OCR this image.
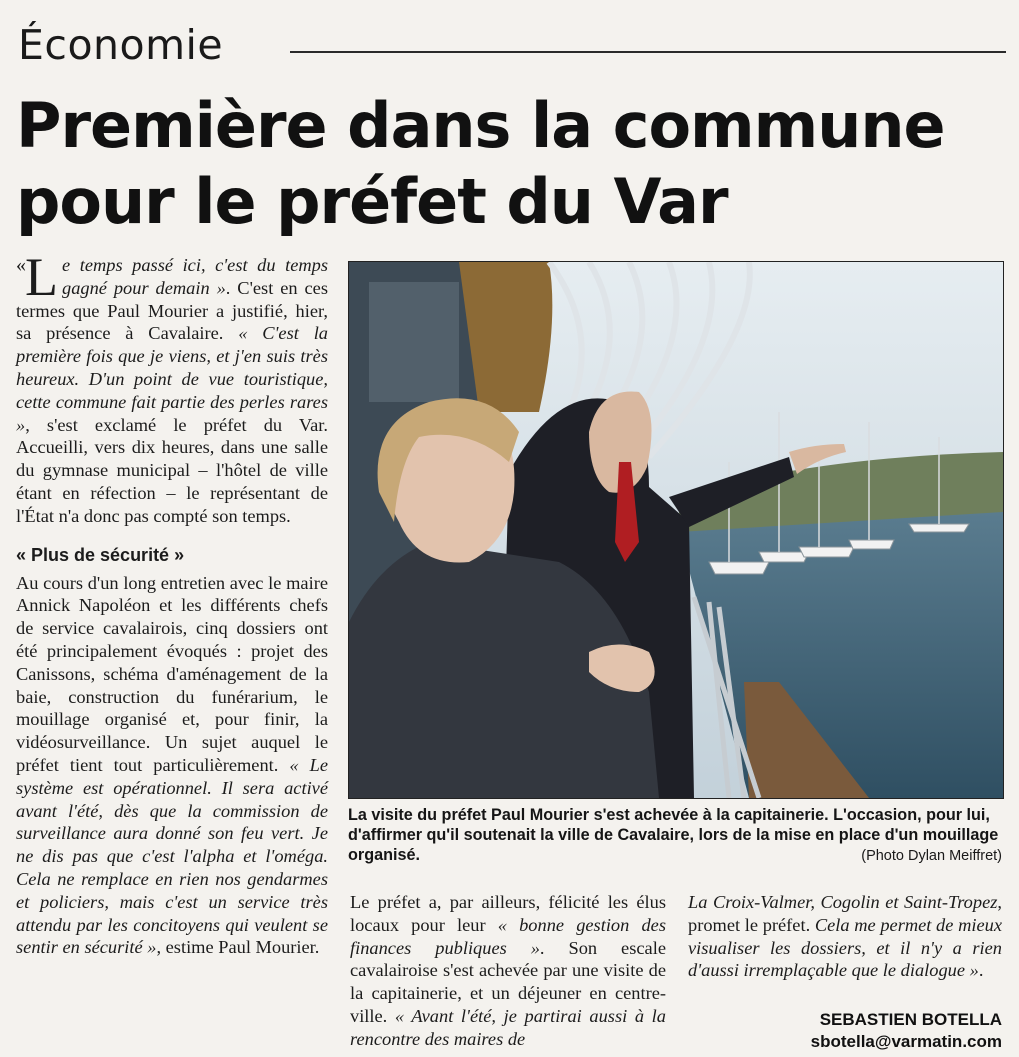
Économie
Première dans la commune
pour le préfet du Var

« L e temps passé ici, c'est du temps gagné pour demain ». C'est en ces termes que Paul Mourier a justifié, hier, sa présence à Cavalaire. « C'est la première fois que je viens, et j'en suis très heureux. D'un point de vue touristique, cette commune fait partie des perles rares », s'est exclamé le préfet du Var. Accueilli, vers dix heures, dans une salle du gymnase municipal – l'hôtel de ville étant en réfection – le représentant de l'État n'a donc pas compté son temps.

« Plus de sécurité »

Au cours d'un long entretien avec le maire Annick Napoléon et les différents chefs de service cavalairois, cinq dossiers ont été principalement évoqués : projet des Canissons, schéma d'aménagement de la baie, construction du funérarium, le mouillage organisé et, pour finir, la vidéosurveillance. Un sujet auquel le préfet tient tout particulièrement. « Le système est opérationnel. Il sera activé avant l'été, dès que la commission de surveillance aura donné son feu vert. Je ne dis pas que c'est l'alpha et l'oméga. Cela ne remplace en rien nos gendarmes et policiers, mais c'est un service très attendu par les concitoyens qui veulent se sentir en sécurité », estime Paul Mourier.

La visite du préfet Paul Mourier s'est achevée à la capitainerie. L'occasion, pour lui, d'affirmer qu'il soutenait la ville de Cavalaire, lors de la mise en place d'un mouillage organisé.	(Photo Dylan Meiffret)

Le préfet a, par ailleurs, félicité les élus locaux pour leur « bonne gestion des finances publiques ». Son escale cavalairoise s'est achevée par une visite de la capitainerie, et un déjeuner en centre-ville. « Avant l'été, je partirai aussi à la rencontre des maires de

La Croix-Valmer, Cogolin et Saint-Tropez, promet le préfet. Cela me permet de mieux visualiser les dossiers, et il n'y a rien d'aussi irremplaçable que le dialogue ».

SEBASTIEN BOTELLA
sbotella@varmatin.com
